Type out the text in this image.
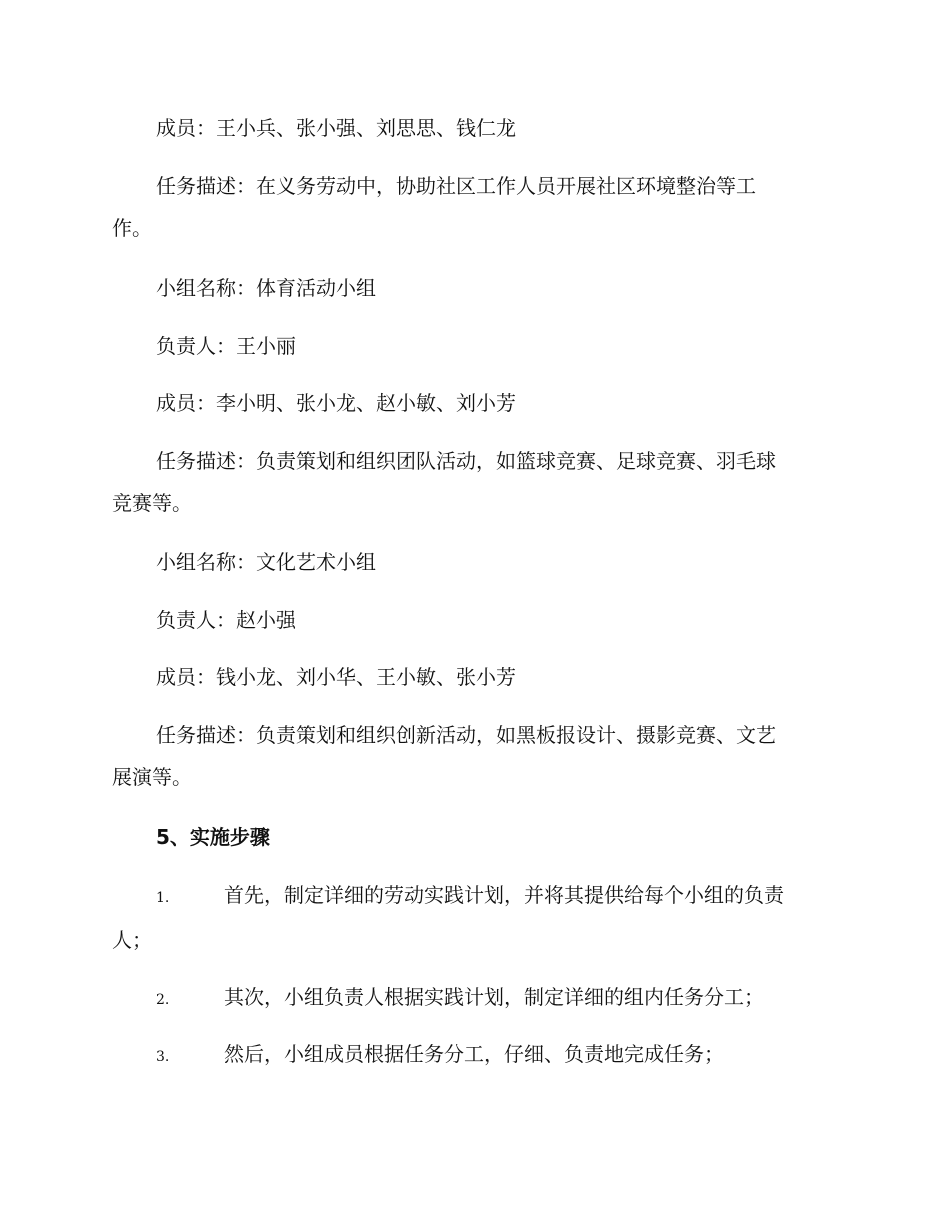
成员：王小兵、张小强、刘思思、钱仁龙

任务描述：在义务劳动中，协助社区工作人员开展社区环境整治等工
作。

小组名称：体育活动小组

负责人：王小丽

成员：李小明、张小龙、赵小敏、刘小芳

任务描述：负责策划和组织团队活动，如篮球竞赛、足球竞赛、羽毛球
竞赛等。

小组名称：文化艺术小组

负责人：赵小强

成员：钱小龙、刘小华、王小敏、张小芳

任务描述：负责策划和组织创新活动，如黑板报设计、摄影竞赛、文艺
展演等。

5、实施步骤

1.	首先，制定详细的劳动实践计划，并将其提供给每个小组的负责
人；
2.	其次，小组负责人根据实践计划，制定详细的组内任务分工；
3.	然后，小组成员根据任务分工，仔细、负责地完成任务；
